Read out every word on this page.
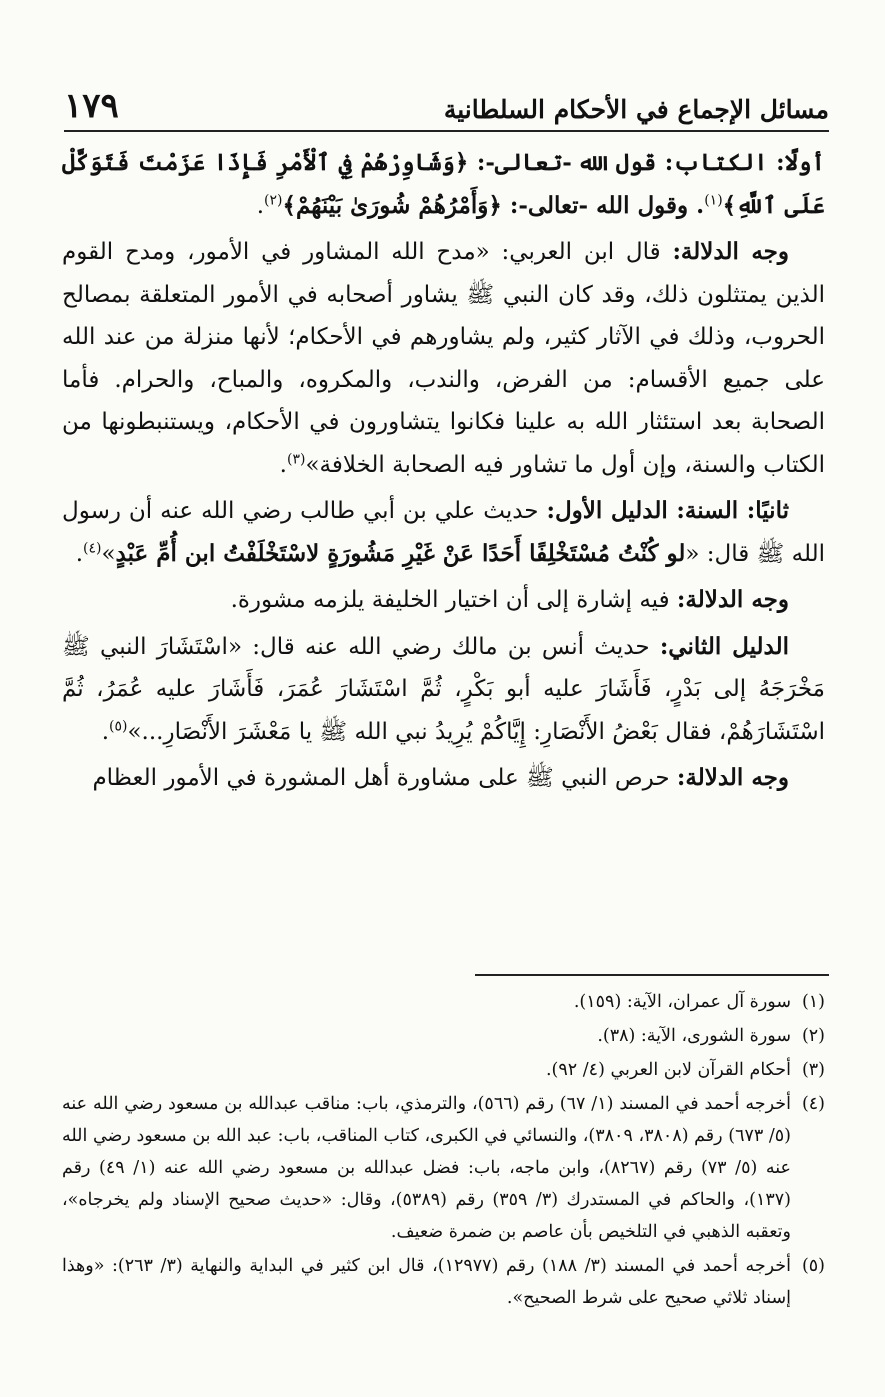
مسائل الإجماع في الأحكام السلطانية
١٧٩

أولًا: الكتاب: قول الله -تعالى-: ﴿وَشَاوِرْهُمْ فِي ٱلْأَمْرِ فَإِذَا عَزَمْتَ فَتَوَكَّلْ عَلَى ٱللَّهِ﴾$^{(١)}$. وقول الله -تعالى-: ﴿وَأَمْرُهُمْ شُورَىٰ بَيْنَهُمْ﴾$^{(٢)}$.

وجه الدلالة: قال ابن العربي: «مدح الله المشاور في الأمور، ومدح القوم الذين يمتثلون ذلك، وقد كان النبي ﷺ يشاور أصحابه في الأمور المتعلقة بمصالح الحروب، وذلك في الآثار كثير، ولم يشاورهم في الأحكام؛ لأنها منزلة من عند الله على جميع الأقسام: من الفرض، والندب، والمكروه، والمباح، والحرام. فأما الصحابة بعد استئثار الله به علينا فكانوا يتشاورون في الأحكام، ويستنبطونها من الكتاب والسنة، وإن أول ما تشاور فيه الصحابة الخلافة»$^{(٣)}$.

ثانيًا: السنة: الدليل الأول: حديث علي بن أبي طالب رضي الله عنه أن رسول الله ﷺ قال: «لو كُنْتُ مُسْتَخْلِفًا أَحَدًا عَنْ غَيْرِ مَشُورَةٍ لاسْتَخْلَفْتُ ابن أُمِّ عَبْدٍ»$^{(٤)}$.

وجه الدلالة: فيه إشارة إلى أن اختيار الخليفة يلزمه مشورة.

الدليل الثاني: حديث أنس بن مالك رضي الله عنه قال: «اسْتَشَارَ النبي ﷺ مَخْرَجَهُ إلى بَدْرٍ، فَأَشَارَ عليه أبو بَكْرٍ، ثُمَّ اسْتَشَارَ عُمَرَ، فَأَشَارَ عليه عُمَرُ، ثُمَّ اسْتَشَارَهُمْ، فقال بَعْضُ الأَنْصَارِ: إِيَّاكُمْ يُرِيدُ نبي الله ﷺ يا مَعْشَرَ الأَنْصَارِ...»$^{(٥)}$.

وجه الدلالة: حرص النبي ﷺ على مشاورة أهل المشورة في الأمور العظام

(١)
سورة آل عمران، الآية: (١٥٩).

(٢)
سورة الشورى، الآية: (٣٨).

(٣)
أحكام القرآن لابن العربي (٤/ ٩٢).

(٤)
أخرجه أحمد في المسند (١/ ٦٧) رقم (٥٦٦)، والترمذي، باب: مناقب عبدالله بن مسعود رضي الله عنه (٥/ ٦٧٣) رقم (٣٨٠٨، ٣٨٠٩)، والنسائي في الكبرى، كتاب المناقب، باب: عبد الله بن مسعود رضي الله عنه (٥/ ٧٣) رقم (٨٢٦٧)، وابن ماجه، باب: فضل عبدالله بن مسعود رضي الله عنه (١/ ٤٩) رقم (١٣٧)، والحاكم في المستدرك (٣/ ٣٥٩) رقم (٥٣٨٩)، وقال: «حديث صحيح الإسناد ولم يخرجاه»، وتعقبه الذهبي في التلخيص بأن عاصم بن ضمرة ضعيف.

(٥)
أخرجه أحمد في المسند (٣/ ١٨٨) رقم (١٢٩٧٧)، قال ابن كثير في البداية والنهاية (٣/ ٢٦٣): «وهذا إسناد ثلاثي صحيح على شرط الصحيح».
